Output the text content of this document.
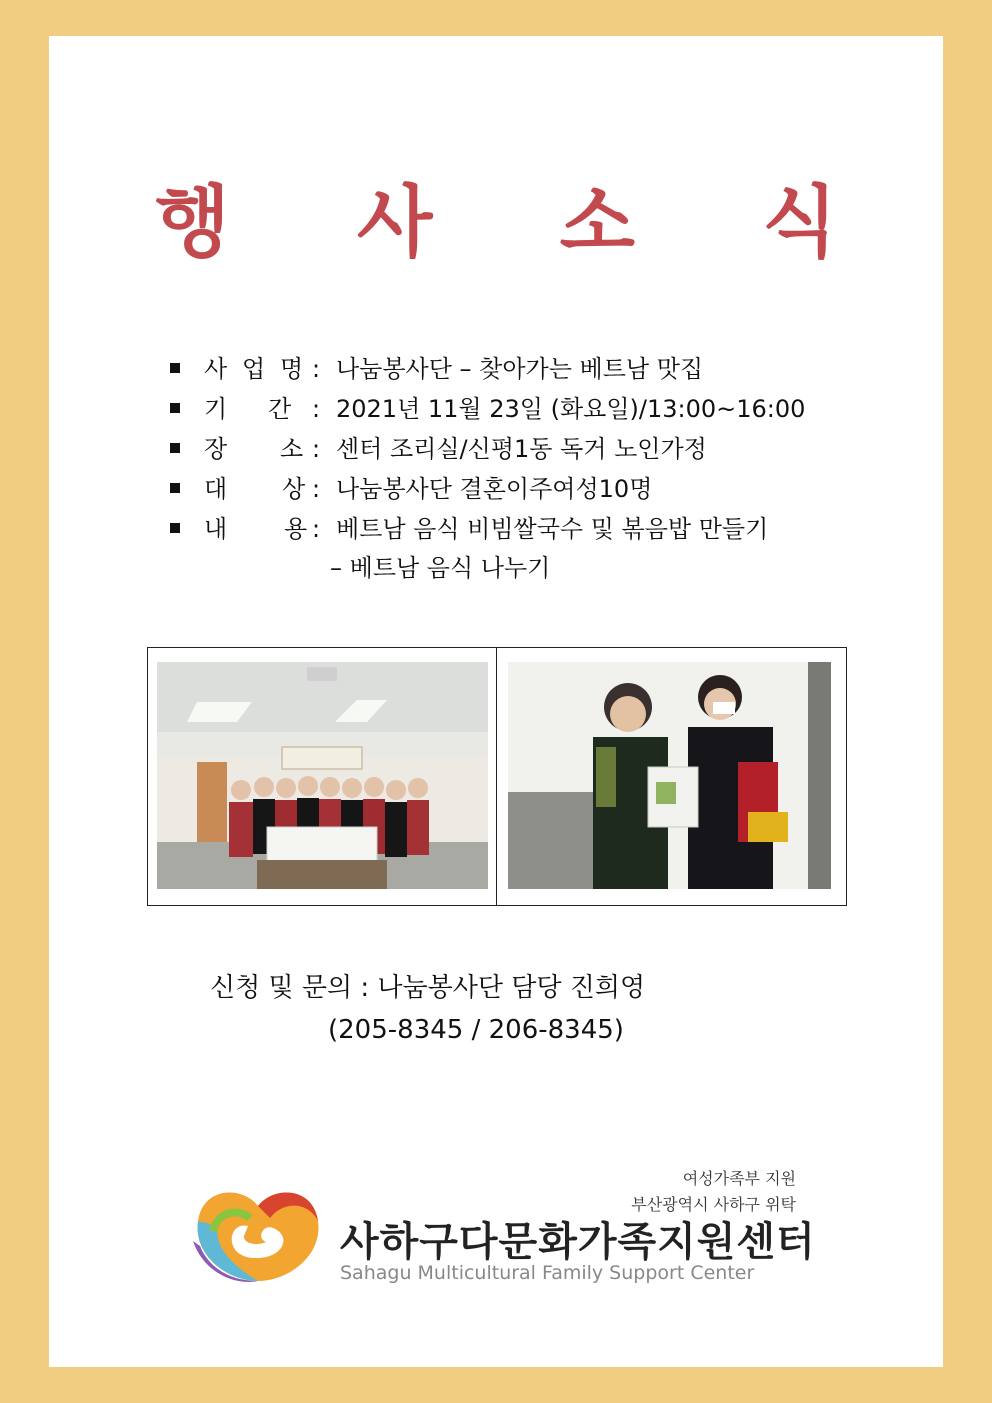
행 사 소 식
사 업 명 : 나눔봉사단 – 찾아가는 베트남 맛집
기 간 : 2021년 11월 23일 (화요일)/13:00~16:00
장 소 : 센터 조리실/신평1동 독거 노인가정
대 상 : 나눔봉사단 결혼이주여성10명
내 용 : 베트남 음식 비빔쌀국수 및 볶음밥 만들기
– 베트남 음식 나누기
신청 및 문의 : 나눔봉사단 담당 진희영
(205-8345 / 206-8345)
여성가족부 지원
부산광역시 사하구 위탁
사하구다문화가족지원센터
Sahagu Multicultural Family Support Center
